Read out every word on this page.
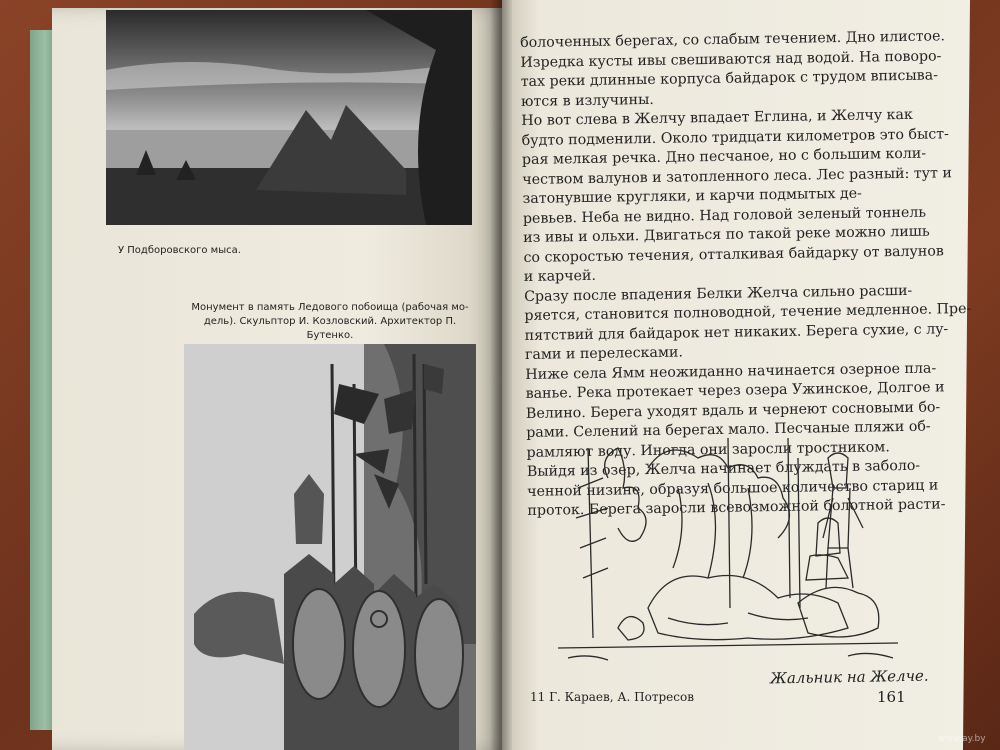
У Подборовского мыса.
Монумент в память Ледового побоища (рабочая мо-
дель). Скульптор И. Козловский. Архитектор П. Бутенко.
болоченных берегах, со слабым течением. Дно илистое.
Изредка кусты ивы свешиваются над водой. На поворо-
тах реки длинные корпуса байдарок с трудом вписыва-
ются в излучины.
Но вот слева в Желчу впадает Еглина, и Желчу как
будто подменили. Около тридцати километров это быст-
рая мелкая речка. Дно песчаное, но с большим коли-
чеством валунов и затопленного леса. Лес разный: тут и
затонувшие кругляки, и карчи подмытых де-
ревьев. Неба не видно. Над головой зеленый тоннель
из ивы и ольхи. Двигаться по такой реке можно лишь
со скоростью течения, отталкивая байдарку от валунов
и карчей.
Сразу после впадения Белки Желча сильно расши-
ряется, становится полноводной, течение медленное. Пре-
пятствий для байдарок нет никаких. Берега сухие, с лу-
гами и перелесками.
Ниже села Ямм неожиданно начинается озерное пла-
ванье. Река протекает через озера Ужинское, Долгое и
Велино. Берега уходят вдаль и чернеют сосновыми бо-
рами. Селений на берегах мало. Песчаные пляжи об-
рамляют воду. Иногда они заросли тростником.
Выйдя из озер, Желча начинает блуждать в заболо-
ченной низине, образуя большое количество стариц и
проток. Берега заросли всевозможной болотной расти-
Жальник на Желче.
11 Г. Караев, А. Потресов	161
www.ay.by
